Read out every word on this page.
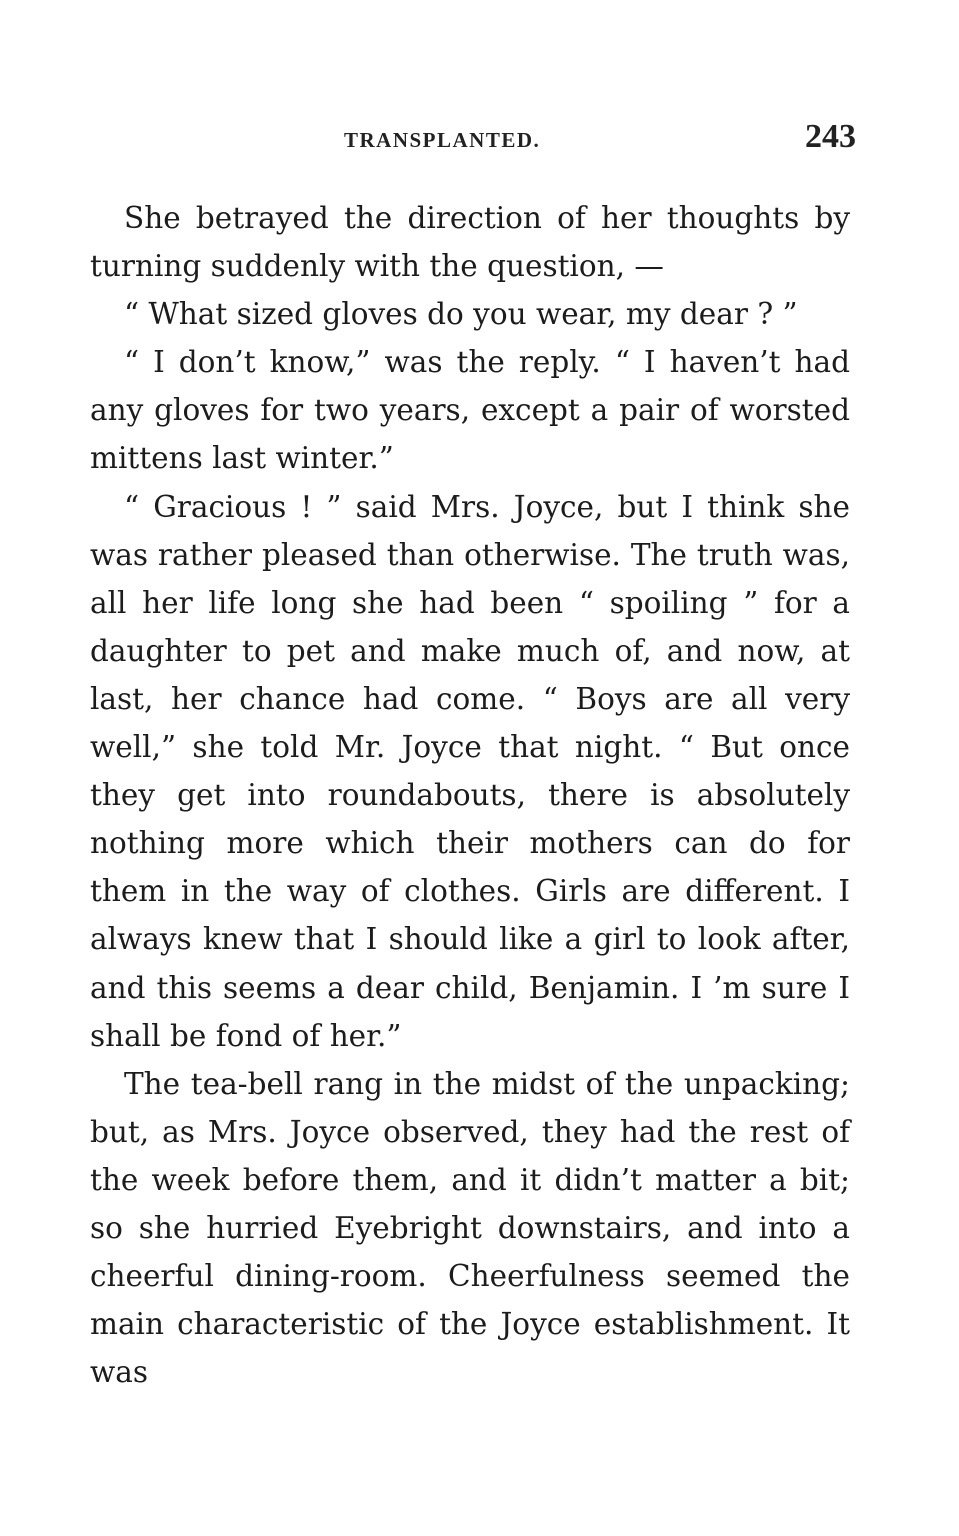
TRANSPLANTED.	243

She betrayed the direction of her thoughts by turning suddenly with the question, —

“ What sized gloves do you wear, my dear ? ”

“ I don’t know,” was the reply. “ I haven’t had any gloves for two years, except a pair of worsted mittens last winter.”

“ Gracious ! ” said Mrs. Joyce, but I think she was rather pleased than otherwise. The truth was, all her life long she had been “ spoiling ” for a daughter to pet and make much of, and now, at last, her chance had come. “ Boys are all very well,” she told Mr. Joyce that night. “ But once they get into roundabouts, there is absolutely nothing more which their mothers can do for them in the way of clothes. Girls are different. I always knew that I should like a girl to look after, and this seems a dear child, Benjamin. I ’m sure I shall be fond of her.”

The tea-bell rang in the midst of the unpacking; but, as Mrs. Joyce observed, they had the rest of the week before them, and it didn’t matter a bit; so she hurried Eyebright downstairs, and into a cheerful dining-room. Cheerfulness seemed the main characteristic of the Joyce establishment. It was
